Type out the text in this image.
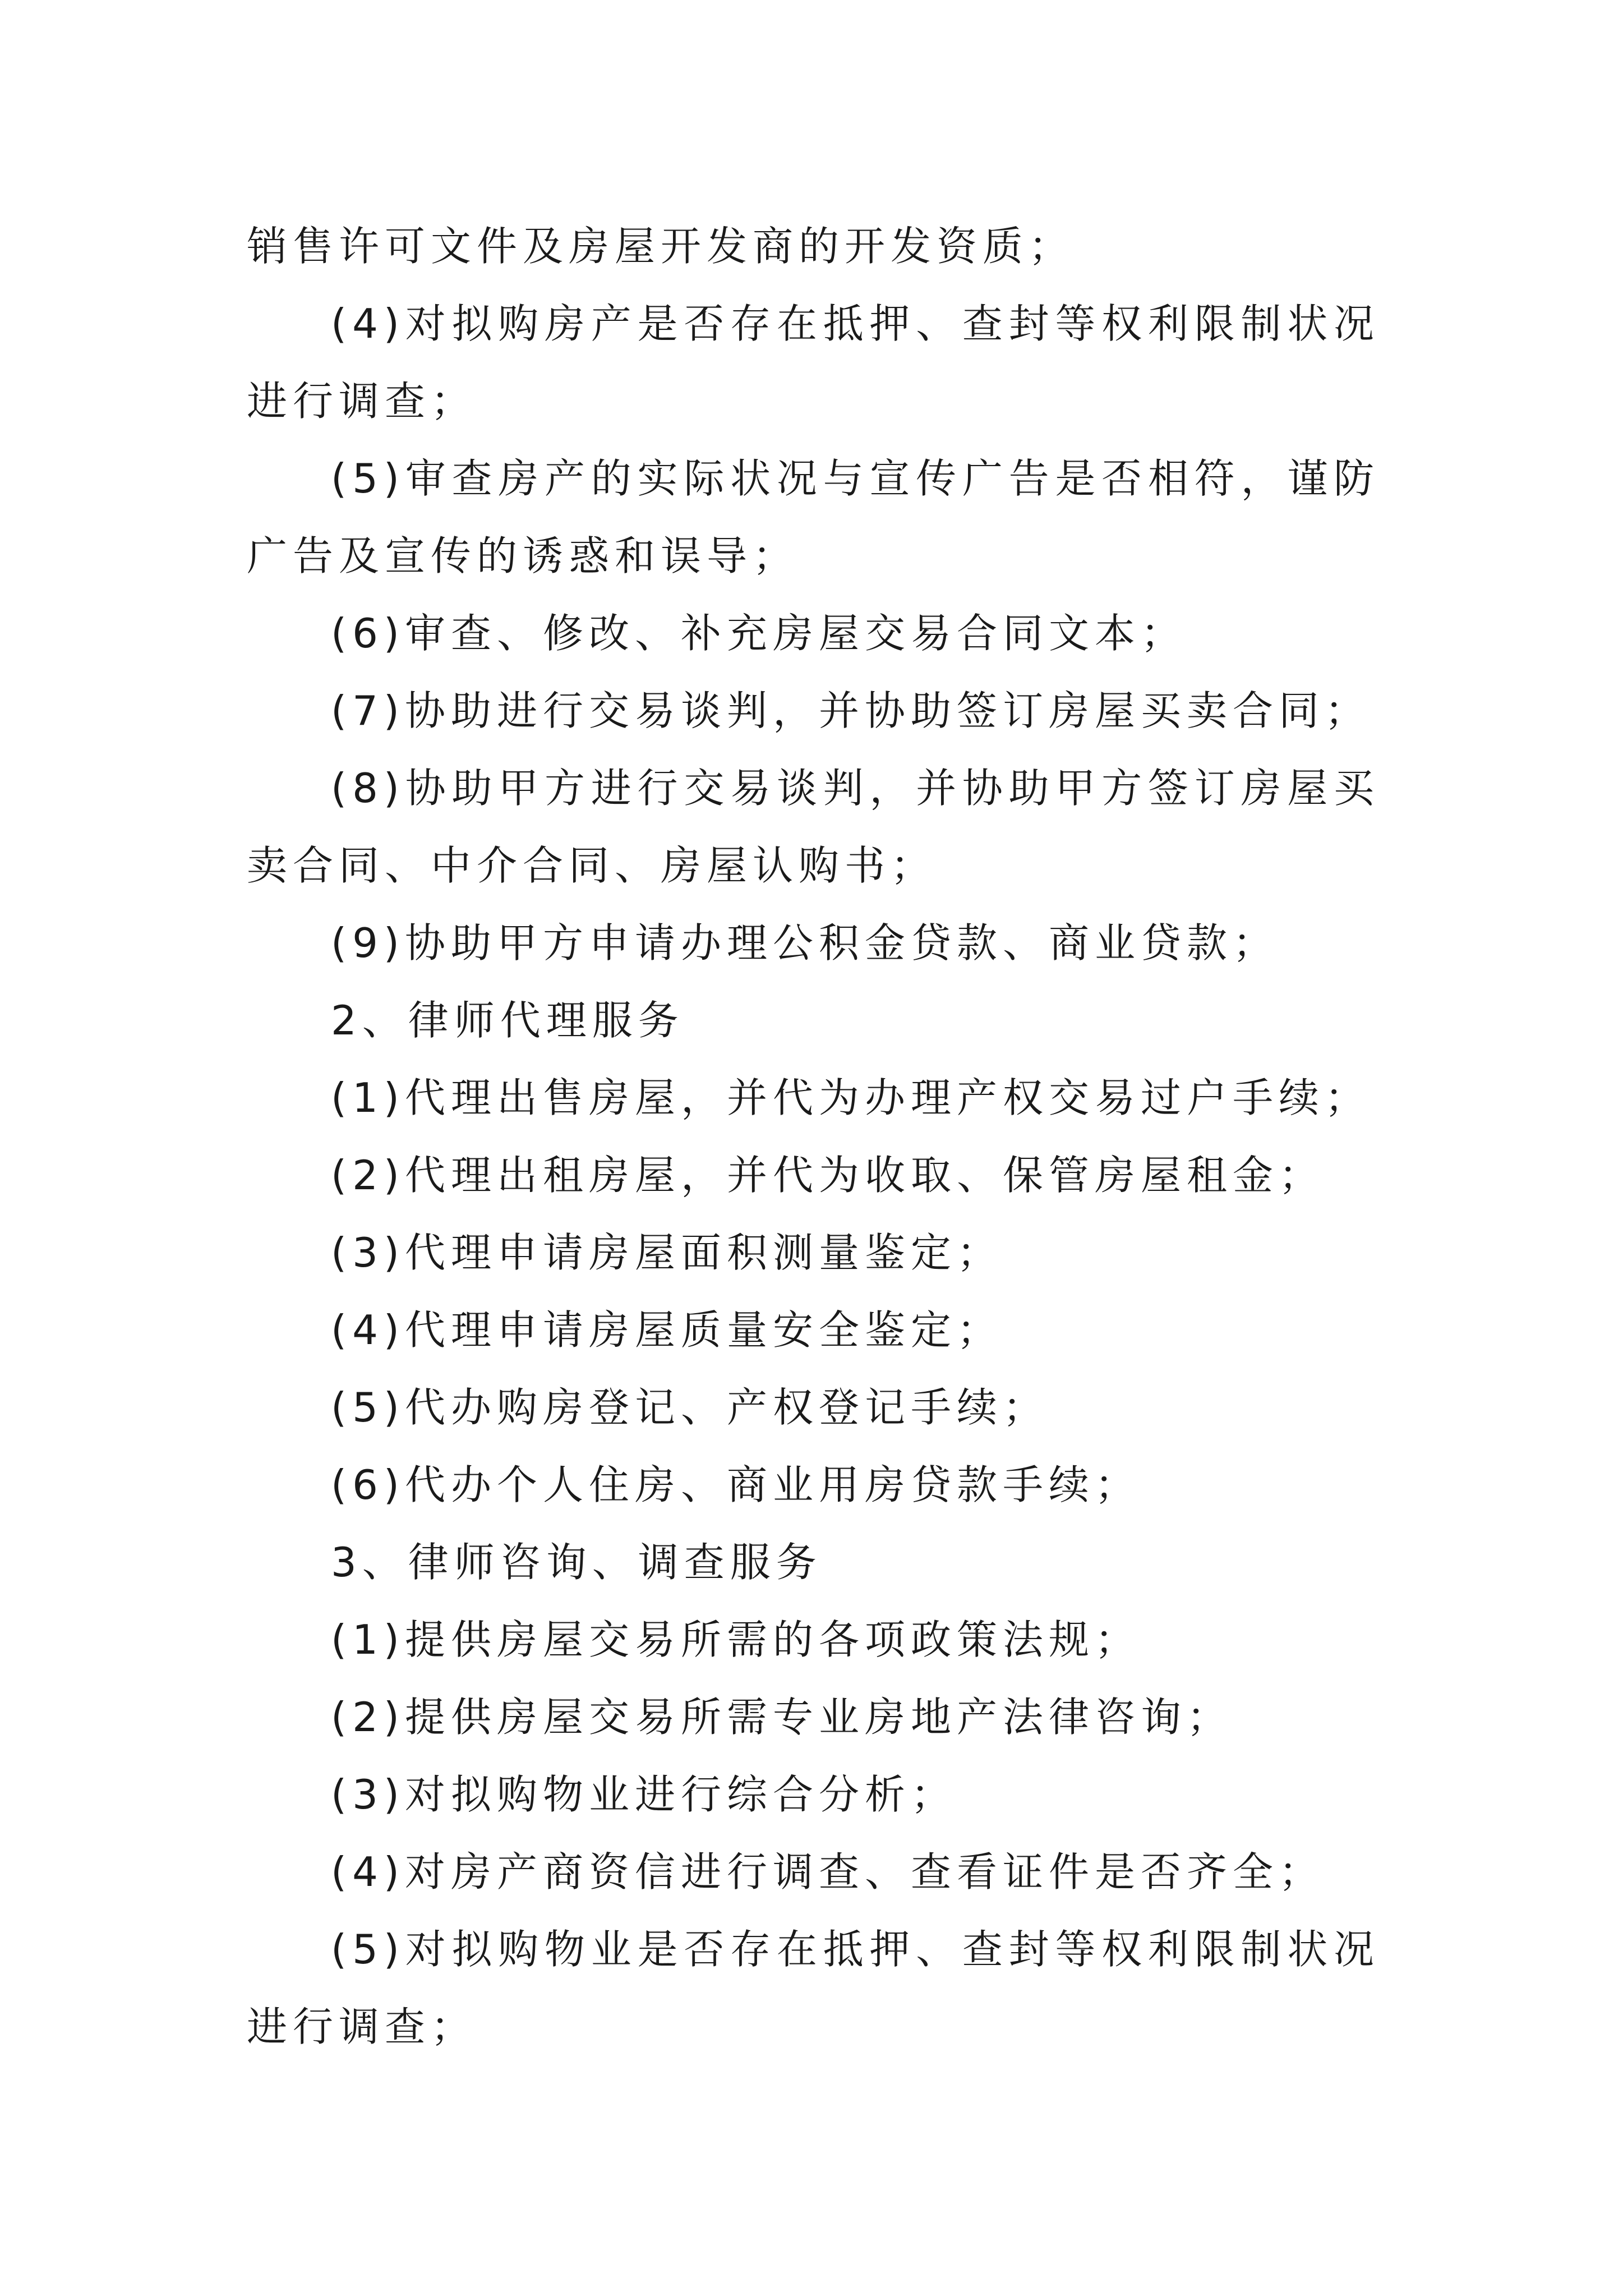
销售许可文件及房屋开发商的开发资质；

(4)对拟购房产是否存在抵押、查封等权利限制状况进行调查；

(5)审查房产的实际状况与宣传广告是否相符，谨防广告及宣传的诱惑和误导；

(6)审查、修改、补充房屋交易合同文本；

(7)协助进行交易谈判，并协助签订房屋买卖合同；

(8)协助甲方进行交易谈判，并协助甲方签订房屋买卖合同、中介合同、房屋认购书；

(9)协助甲方申请办理公积金贷款、商业贷款；

2、律师代理服务

(1)代理出售房屋，并代为办理产权交易过户手续；

(2)代理出租房屋，并代为收取、保管房屋租金；

(3)代理申请房屋面积测量鉴定；

(4)代理申请房屋质量安全鉴定；

(5)代办购房登记、产权登记手续；

(6)代办个人住房、商业用房贷款手续；

3、律师咨询、调查服务

(1)提供房屋交易所需的各项政策法规；

(2)提供房屋交易所需专业房地产法律咨询；

(3)对拟购物业进行综合分析；

(4)对房产商资信进行调查、查看证件是否齐全；

(5)对拟购物业是否存在抵押、查封等权利限制状况进行调查；
